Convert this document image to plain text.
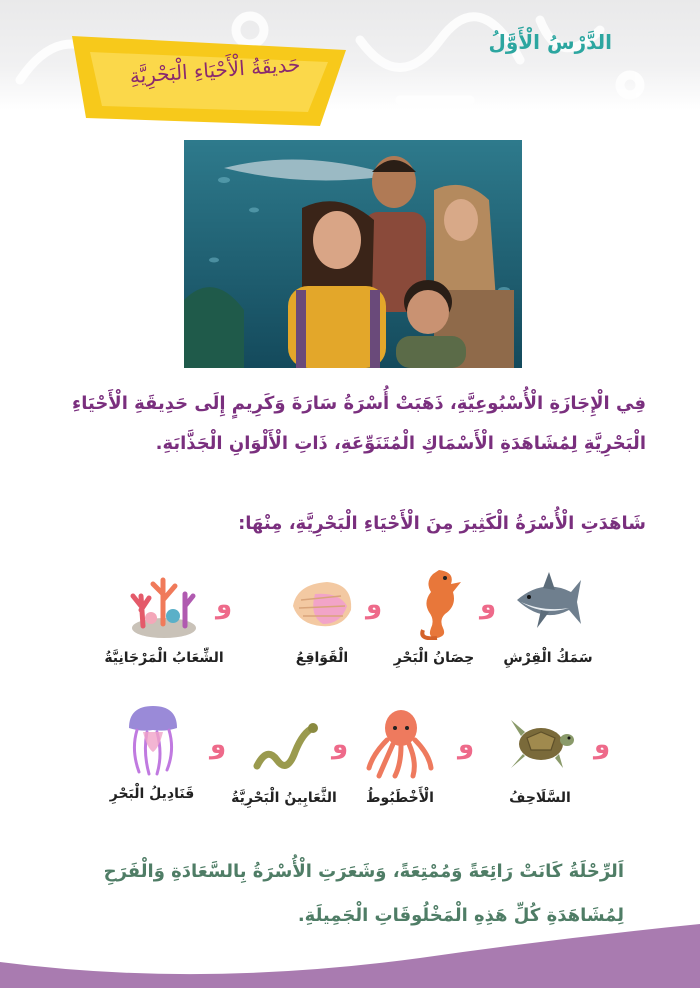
الدَّرْسُ الْأَوَّلُ
حَديقَةُ الْأَحْيَاءِ الْبَحْرِيَّةِ
فِي الْإِجَازَةِ الْأُسْبُوعِيَّةِ، ذَهَبَتْ أُسْرَةُ سَارَةَ وَكَرِيمٍ إِلَى حَدِيقَةِ الْأَحْيَاءِ الْبَحْرِيَّةِ لِمُشَاهَدَةِ الْأَسْمَاكِ الْمُتَنَوِّعَةِ، ذَاتِ الْأَلْوَانِ الْجَذَّابَةِ.
شَاهَدَتِ الْأُسْرَةُ الْكَثِيرَ مِنَ الْأَحْيَاءِ الْبَحْرِيَّةِ، مِنْهَا:
سَمَكُ الْقِرْشِ
و
حِصَانُ الْبَحْرِ
و
الْقَوَاقِعُ
و
الشِّعَابُ الْمَرْجَانِيَّةُ
السَّلَاحِفُ
و
الْأَخْطَبُوطُ
و
الثَّعَابِينُ الْبَحْرِيَّةُ
و
قَنَادِيلُ الْبَحْرِ
و
اَلرِّحْلَةُ كَانَتْ رَائِعَةً وَمُمْتِعَةً، وَشَعَرَتِ الْأُسْرَةُ بِالسَّعَادَةِ وَالْفَرَحِ لِمُشَاهَدَةِ كُلِّ هَذِهِ الْمَخْلُوقَاتِ الْجَمِيلَةِ.
